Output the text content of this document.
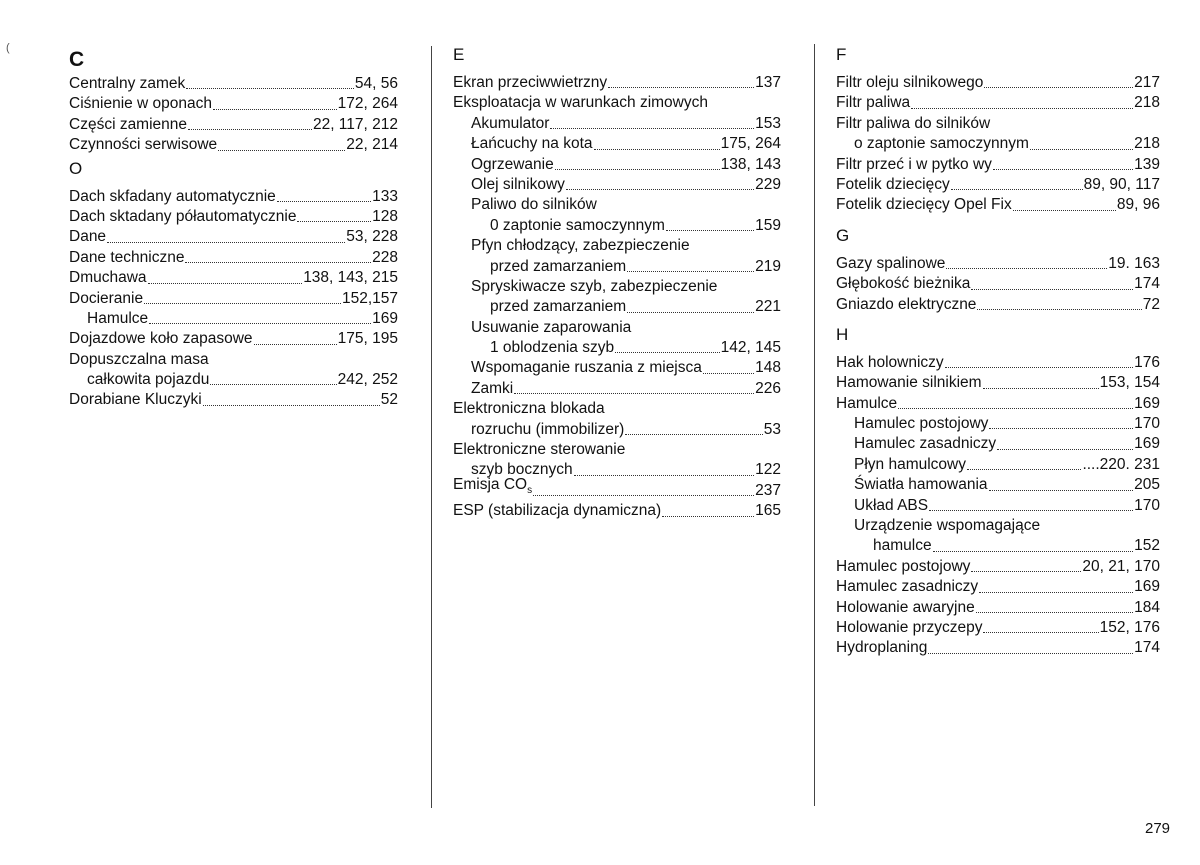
C
Centralny zamek	54, 56
Ciśnienie w oponach	172, 264
Części zamienne	22, 117, 212
Czynności serwisowe	22, 214
O
Dach skfadany automatycznie	133
Dach sktadany półautomatycznie	128
Dane	53, 228
Dane techniczne	228
Dmuchawa	138, 143, 215
Docieranie	152,157
Hamulce	169
Dojazdowe koło zapasowe	175, 195
Dopuszczalna masa
całkowita pojazdu	242, 252
Dorabiane Kluczyki	52
E
Ekran przeciwwietrzny	137
Eksploatacja w warunkach zimowych
Akumulator	153
Łańcuchy na kota	175, 264
Ogrzewanie	138, 143
Olej silnikowy	229
Paliwo do silników
0 zaptonie samoczynnym	159
Pfyn chłodzący, zabezpieczenie
przed zamarzaniem	219
Spryskiwacze szyb, zabezpieczenie
przed zamarzaniem	221
Usuwanie zaparowania
1 oblodzenia szyb	142, 145
Wspomaganie ruszania z miejsca	148
Zamki	226
Elektroniczna blokada
rozruchu (immobilizer)	53
Elektroniczne sterowanie
szyb bocznych	122
Emisja $CO_s$	237
ESP (stabilizacja dynamiczna)	165
F
Filtr oleju silnikowego	217
Filtr paliwa	218
Filtr paliwa do silników
o zaptonie samoczynnym	218
Filtr przeć i w pytko wy	139
Fotelik dziecięcy	89, 90, 117
Fotelik dziecięcy Opel Fix	89, 96
G
Gazy spalinowe	19. 163
Głębokość bieżnika	174
Gniazdo elektryczne	72
H
Hak holowniczy	176
Hamowanie silnikiem	153, 154
Hamulce	169
Hamulec postojowy	170
Hamulec zasadniczy	169
Płyn hamulcowy	....220. 231
Światła hamowania	205
Układ ABS	170
Urządzenie wspomagające
hamulce	152
Hamulec postojowy	20, 21, 170
Hamulec zasadniczy	169
Holowanie awaryjne	184
Holowanie przyczepy	152, 176
Hydroplaning	174
(
279
